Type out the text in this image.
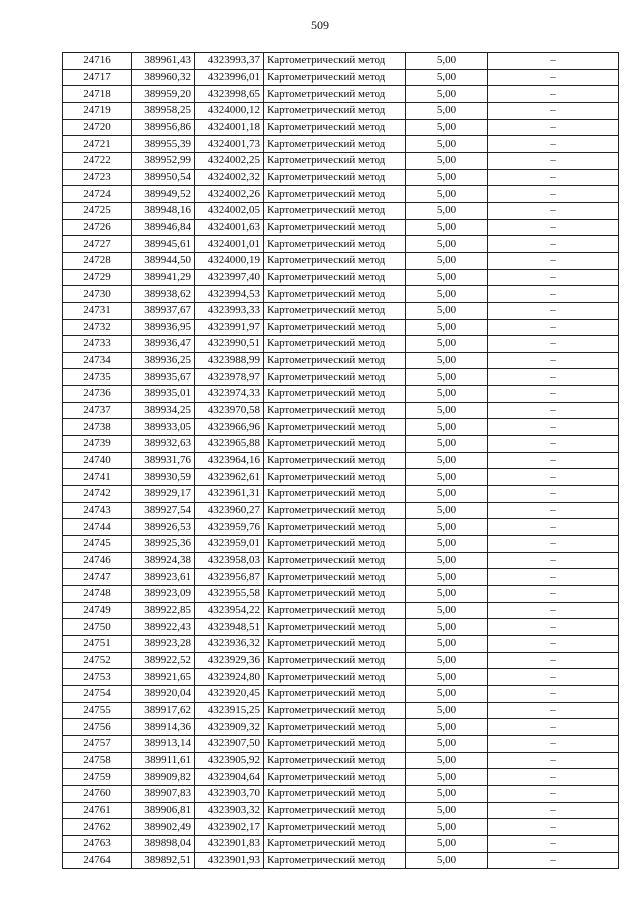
509
24716	389961,43	4323993,37	Картометрический метод	5,00	–
24717	389960,32	4323996,01	Картометрический метод	5,00	–
24718	389959,20	4323998,65	Картометрический метод	5,00	–
24719	389958,25	4324000,12	Картометрический метод	5,00	–
24720	389956,86	4324001,18	Картометрический метод	5,00	–
24721	389955,39	4324001,73	Картометрический метод	5,00	–
24722	389952,99	4324002,25	Картометрический метод	5,00	–
24723	389950,54	4324002,32	Картометрический метод	5,00	–
24724	389949,52	4324002,26	Картометрический метод	5,00	–
24725	389948,16	4324002,05	Картометрический метод	5,00	–
24726	389946,84	4324001,63	Картометрический метод	5,00	–
24727	389945,61	4324001,01	Картометрический метод	5,00	–
24728	389944,50	4324000,19	Картометрический метод	5,00	–
24729	389941,29	4323997,40	Картометрический метод	5,00	–
24730	389938,62	4323994,53	Картометрический метод	5,00	–
24731	389937,67	4323993,33	Картометрический метод	5,00	–
24732	389936,95	4323991,97	Картометрический метод	5,00	–
24733	389936,47	4323990,51	Картометрический метод	5,00	–
24734	389936,25	4323988,99	Картометрический метод	5,00	–
24735	389935,67	4323978,97	Картометрический метод	5,00	–
24736	389935,01	4323974,33	Картометрический метод	5,00	–
24737	389934,25	4323970,58	Картометрический метод	5,00	–
24738	389933,05	4323966,96	Картометрический метод	5,00	–
24739	389932,63	4323965,88	Картометрический метод	5,00	–
24740	389931,76	4323964,16	Картометрический метод	5,00	–
24741	389930,59	4323962,61	Картометрический метод	5,00	–
24742	389929,17	4323961,31	Картометрический метод	5,00	–
24743	389927,54	4323960,27	Картометрический метод	5,00	–
24744	389926,53	4323959,76	Картометрический метод	5,00	–
24745	389925,36	4323959,01	Картометрический метод	5,00	–
24746	389924,38	4323958,03	Картометрический метод	5,00	–
24747	389923,61	4323956,87	Картометрический метод	5,00	–
24748	389923,09	4323955,58	Картометрический метод	5,00	–
24749	389922,85	4323954,22	Картометрический метод	5,00	–
24750	389922,43	4323948,51	Картометрический метод	5,00	–
24751	389923,28	4323936,32	Картометрический метод	5,00	–
24752	389922,52	4323929,36	Картометрический метод	5,00	–
24753	389921,65	4323924,80	Картометрический метод	5,00	–
24754	389920,04	4323920,45	Картометрический метод	5,00	–
24755	389917,62	4323915,25	Картометрический метод	5,00	–
24756	389914,36	4323909,32	Картометрический метод	5,00	–
24757	389913,14	4323907,50	Картометрический метод	5,00	–
24758	389911,61	4323905,92	Картометрический метод	5,00	–
24759	389909,82	4323904,64	Картометрический метод	5,00	–
24760	389907,83	4323903,70	Картометрический метод	5,00	–
24761	389906,81	4323903,32	Картометрический метод	5,00	–
24762	389902,49	4323902,17	Картометрический метод	5,00	–
24763	389898,04	4323901,83	Картометрический метод	5,00	–
24764	389892,51	4323901,93	Картометрический метод	5,00	–
